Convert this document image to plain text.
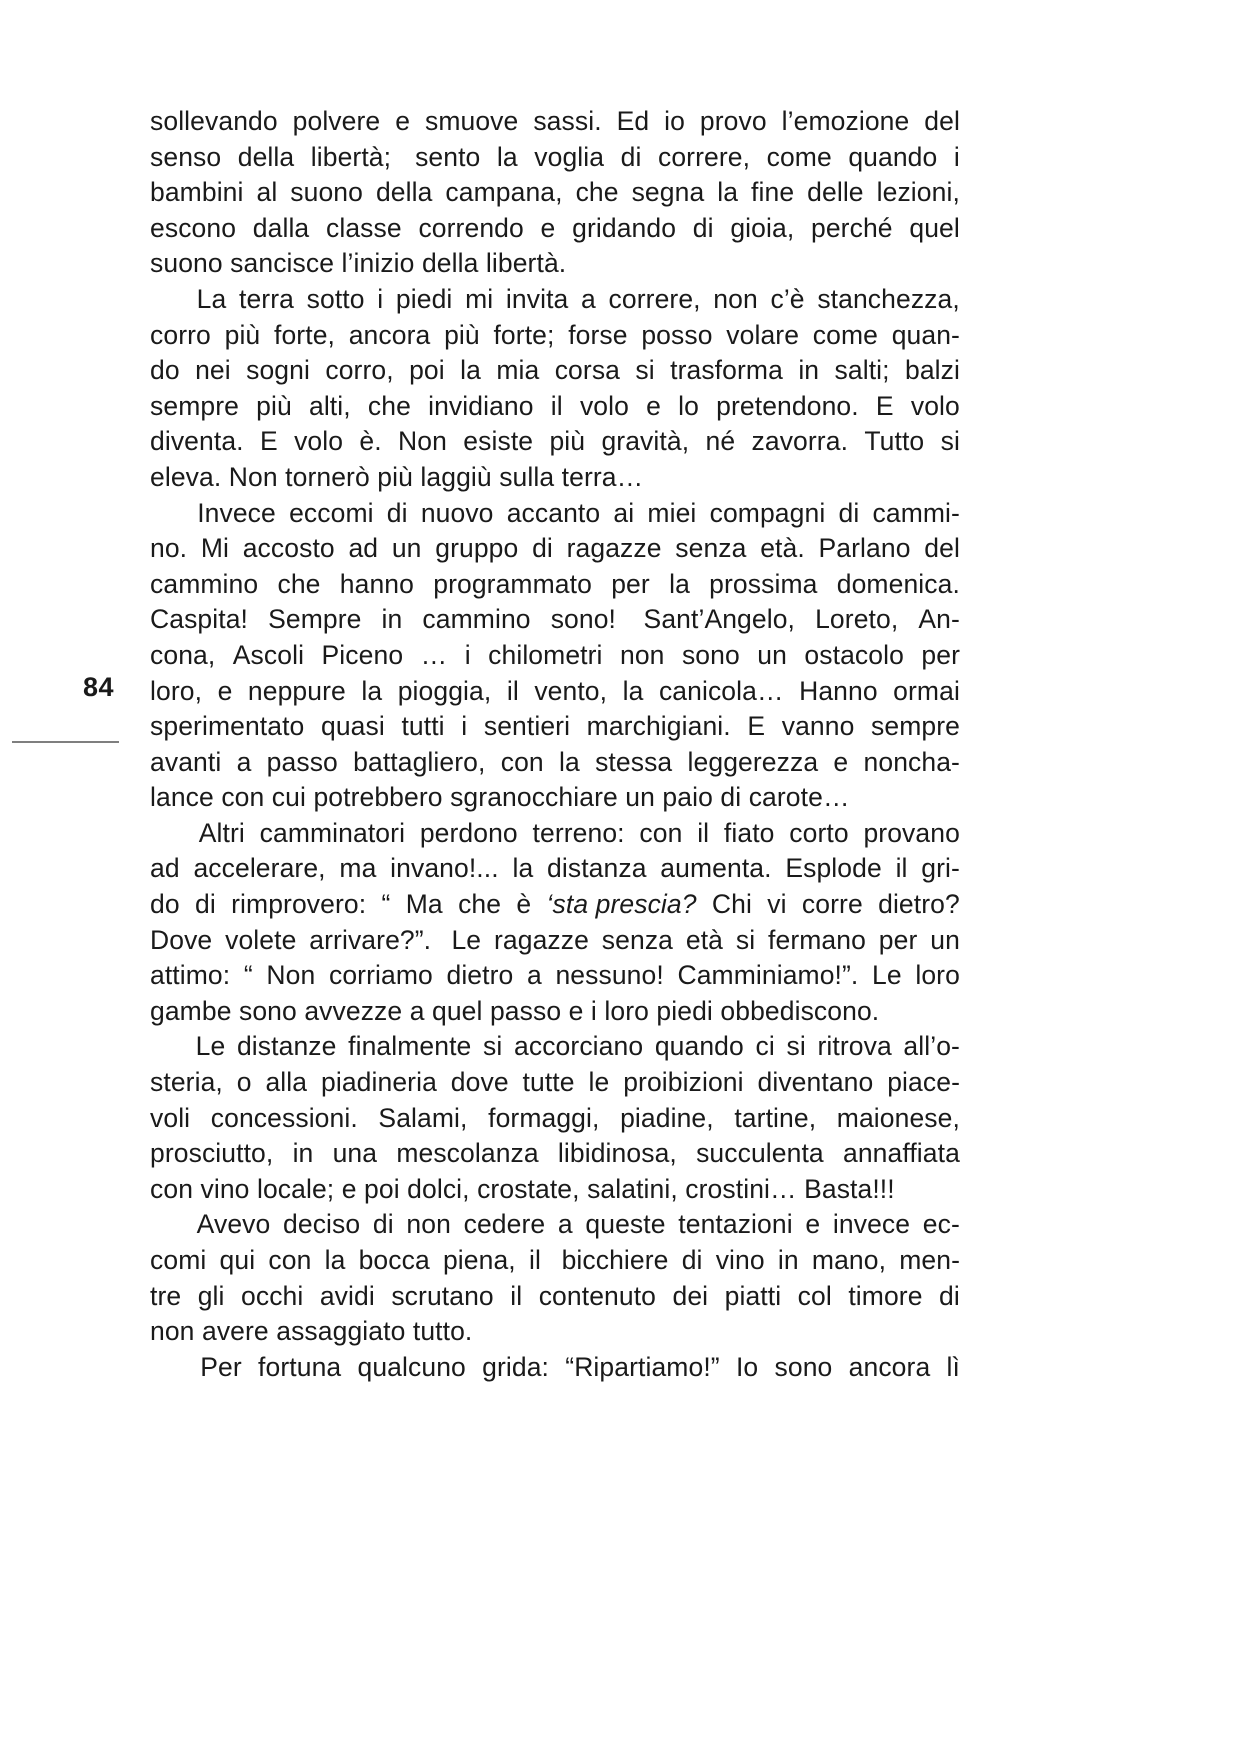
84

sollevando polvere e smuove sassi. Ed io provo l’emozione del
senso della libertà; sento la voglia di correre, come quando i
bambini al suono della campana, che segna la fine delle lezioni,
escono dalla classe correndo e gridando di gioia, perché quel
suono sancisce l’inizio della libertà.

La terra sotto i piedi mi invita a correre, non c’è stanchezza,
corro più forte, ancora più forte; forse posso volare come quan-
do nei sogni corro, poi la mia corsa si trasforma in salti; balzi
sempre più alti, che invidiano il volo e lo pretendono. E volo
diventa. E volo è. Non esiste più gravità, né zavorra. Tutto si
eleva. Non tornerò più laggiù sulla terra…

Invece eccomi di nuovo accanto ai miei compagni di cammi-
no. Mi accosto ad un gruppo di ragazze senza età. Parlano del
cammino che hanno programmato per la prossima domenica.
Caspita! Sempre in cammino sono! Sant’Angelo, Loreto, An-
cona, Ascoli Piceno … i chilometri non sono un ostacolo per
loro, e neppure la pioggia, il vento, la canicola… Hanno ormai
sperimentato quasi tutti i sentieri marchigiani. E vanno sempre
avanti a passo battagliero, con la stessa leggerezza e noncha-
lance con cui potrebbero sgranocchiare un paio di carote…

Altri camminatori perdono terreno: con il fiato corto provano
ad accelerare, ma invano!... la distanza aumenta. Esplode il gri-
do di rimprovero: “ Ma che è ‘sta prescia? Chi vi corre dietro?
Dove volete arrivare?”. Le ragazze senza età si fermano per un
attimo: “ Non corriamo dietro a nessuno! Camminiamo!”. Le loro
gambe sono avvezze a quel passo e i loro piedi obbediscono.

Le distanze finalmente si accorciano quando ci si ritrova all’o-
steria, o alla piadineria dove tutte le proibizioni diventano piace-
voli concessioni. Salami, formaggi, piadine, tartine, maionese,
prosciutto, in una mescolanza libidinosa, succulenta annaffiata
con vino locale; e poi dolci, crostate, salatini, crostini… Basta!!!

Avevo deciso di non cedere a queste tentazioni e invece ec-
comi qui con la bocca piena, il bicchiere di vino in mano, men-
tre gli occhi avidi scrutano il contenuto dei piatti col timore di
non avere assaggiato tutto.

Per fortuna qualcuno grida: “Ripartiamo!” Io sono ancora lì
